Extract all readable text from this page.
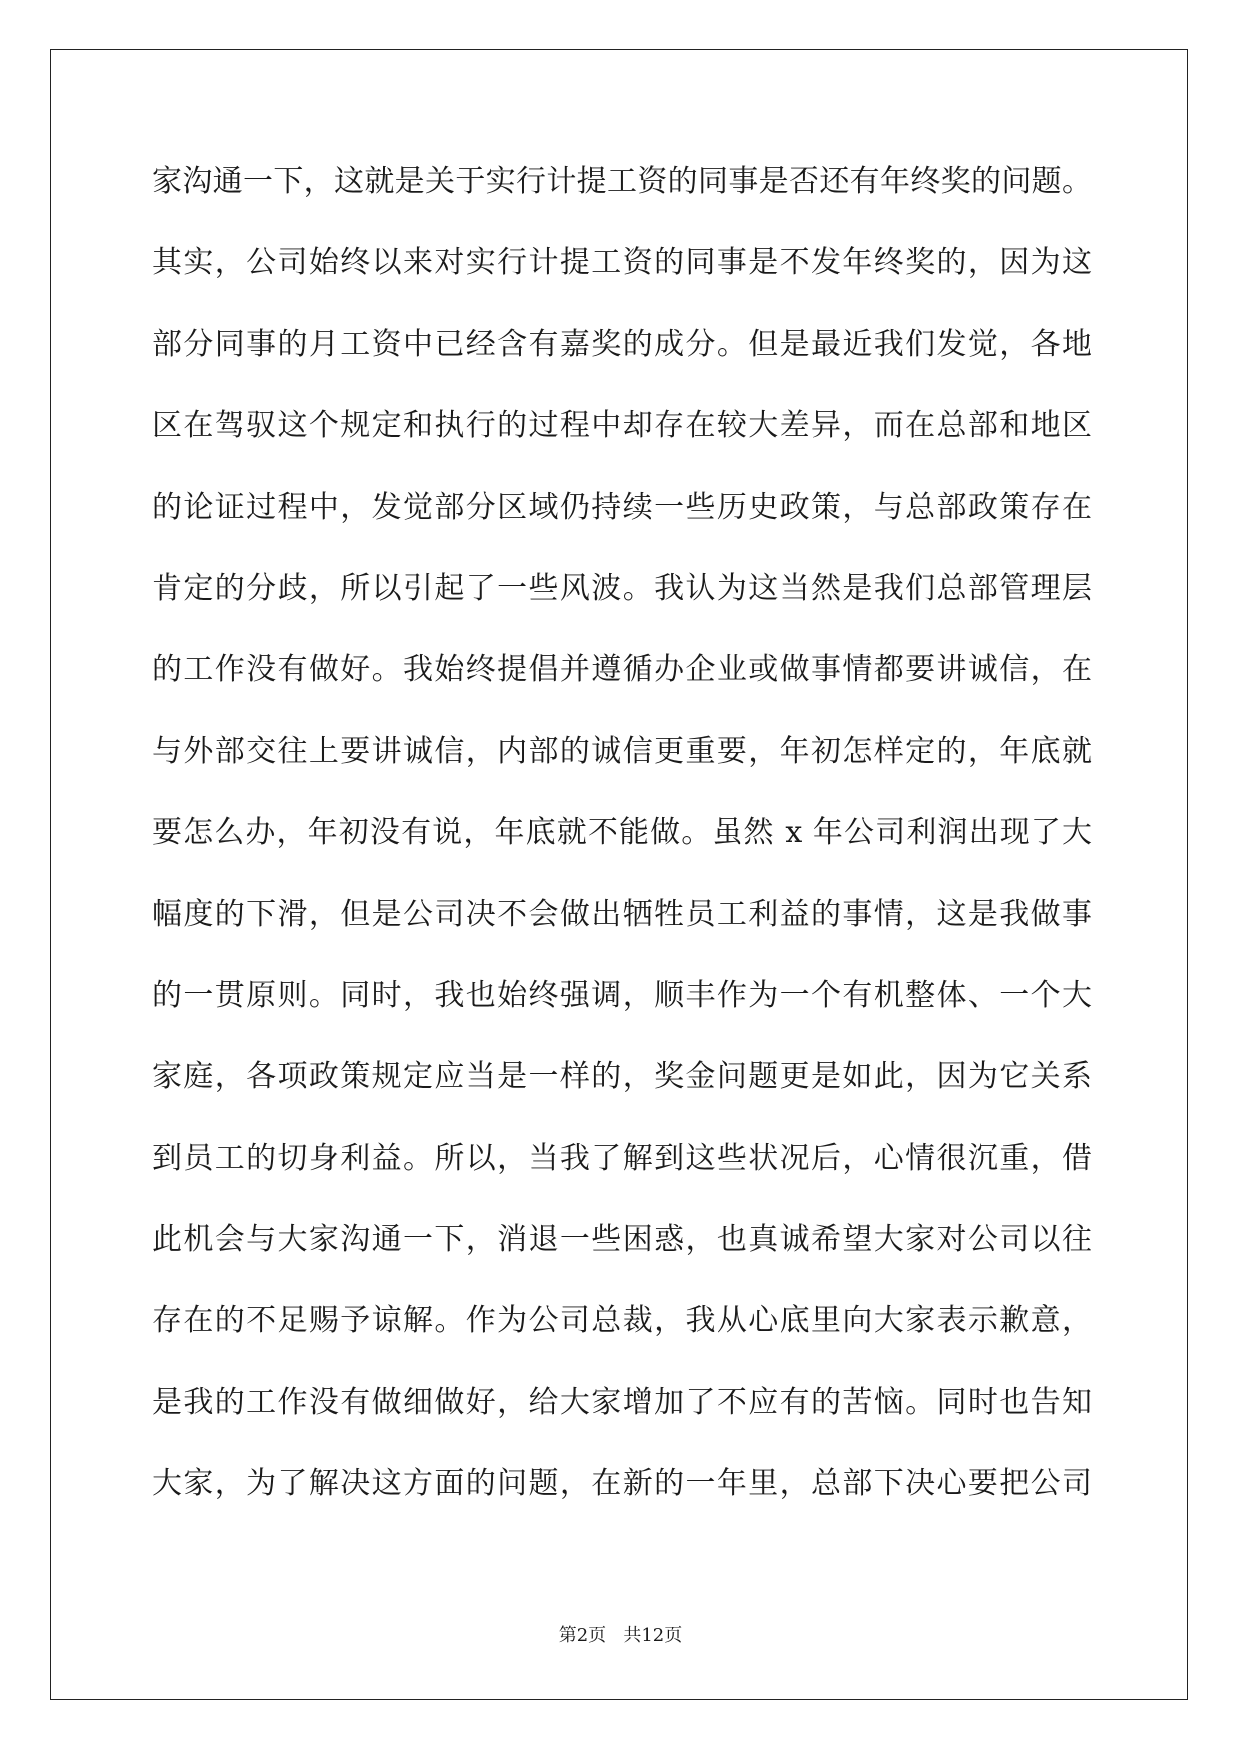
家沟通一下，这就是关于实行计提工资的同事是否还有年终奖的问题。
其实，公司始终以来对实行计提工资的同事是不发年终奖的，因为这
部分同事的月工资中已经含有嘉奖的成分。但是最近我们发觉，各地
区在驾驭这个规定和执行的过程中却存在较大差异，而在总部和地区
的论证过程中，发觉部分区域仍持续一些历史政策，与总部政策存在
肯定的分歧，所以引起了一些风波。我认为这当然是我们总部管理层
的工作没有做好。我始终提倡并遵循办企业或做事情都要讲诚信，在
与外部交往上要讲诚信，内部的诚信更重要，年初怎样定的，年底就
要怎么办，年初没有说，年底就不能做。虽然 x 年公司利润出现了大
幅度的下滑，但是公司决不会做出牺牲员工利益的事情，这是我做事
的一贯原则。同时，我也始终强调，顺丰作为一个有机整体、一个大
家庭，各项政策规定应当是一样的，奖金问题更是如此，因为它关系
到员工的切身利益。所以，当我了解到这些状况后，心情很沉重，借
此机会与大家沟通一下，消退一些困惑，也真诚希望大家对公司以往
存在的不足赐予谅解。作为公司总裁，我从心底里向大家表示歉意，
是我的工作没有做细做好，给大家增加了不应有的苦恼。同时也告知
大家，为了解决这方面的问题，在新的一年里，总部下决心要把公司
第2页 共12页
